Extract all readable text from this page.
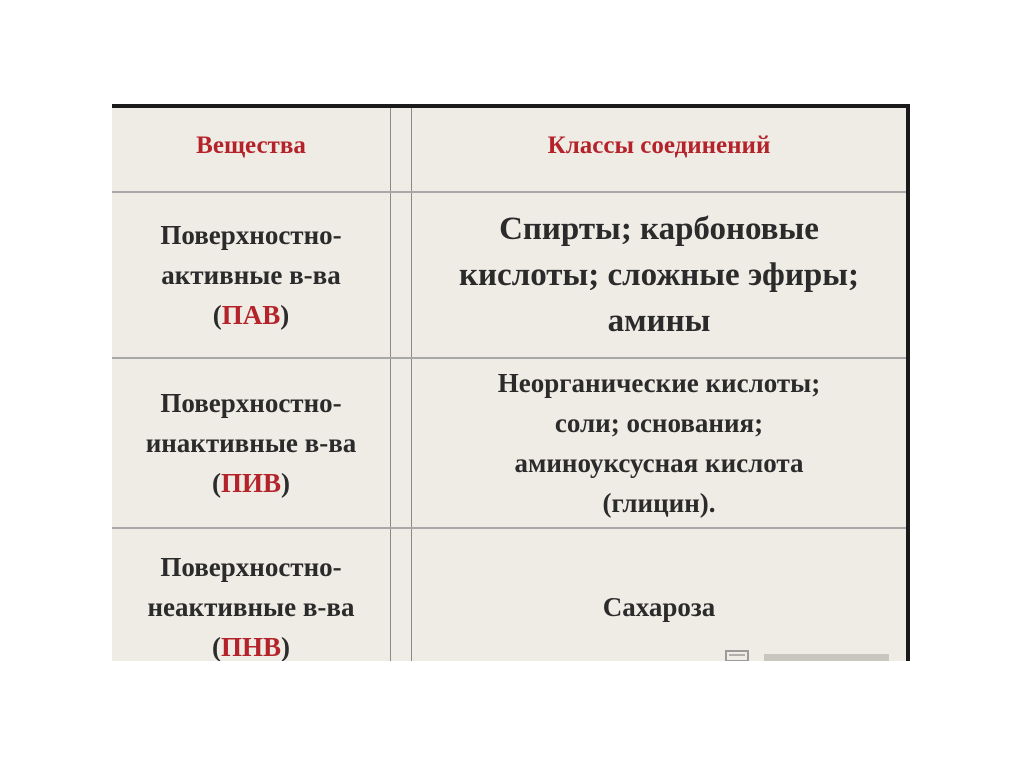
Вещества		Классы соединений

Поверхностно-
активные в-ва
(ПАВ)		Спирты; карбоновые
кислоты; сложные эфиры;
амины

Поверхностно-
инактивные в-ва
(ПИВ)		Неорганические кислоты;
соли; основания;
аминоуксусная кислота
(глицин).

Поверхностно-
неактивные в-ва
(ПНВ)		Сахароза
